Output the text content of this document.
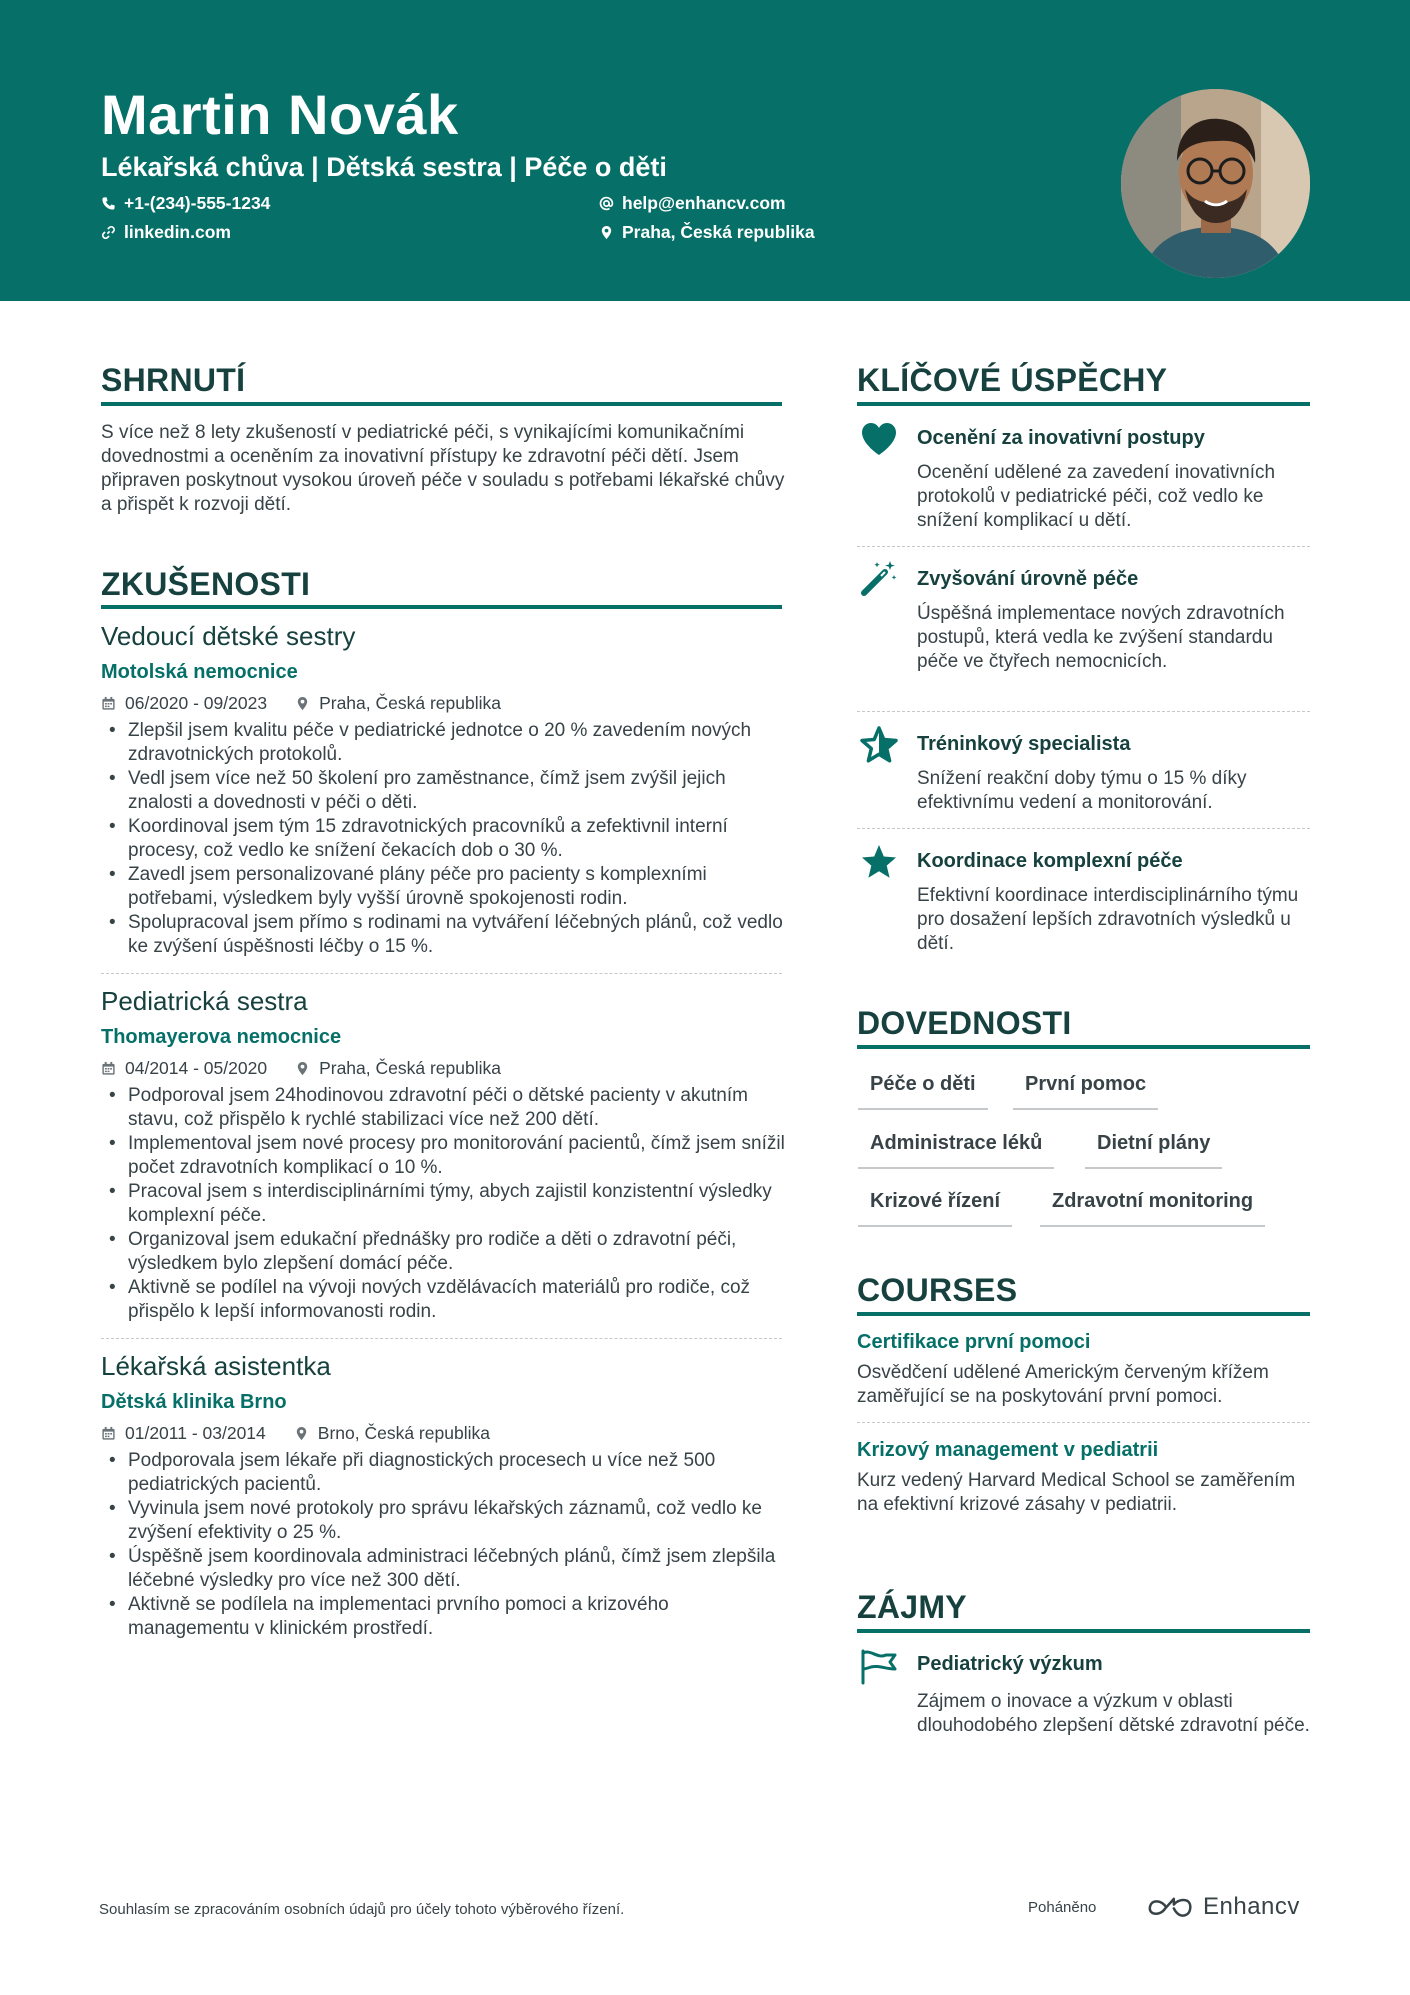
Martin Novák
Lékařská chůva | Dětská sestra | Péče o děti
+1-(234)-555-1234	help@enhancv.com
linkedin.com	Praha, Česká republika
SHRNUTÍ
S více než 8 lety zkušeností v pediatrické péči, s vynikajícími komunikačními dovednostmi a oceněním za inovativní přístupy ke zdravotní péči dětí. Jsem připraven poskytnout vysokou úroveň péče v souladu s potřebami lékařské chůvy a přispět k rozvoji dětí.
ZKUŠENOSTI
Vedoucí dětské sestry
Motolská nemocnice
06/2020 - 09/2023	Praha, Česká republika
• Zlepšil jsem kvalitu péče v pediatrické jednotce o 20 % zavedením nových zdravotnických protokolů.
• Vedl jsem více než 50 školení pro zaměstnance, čímž jsem zvýšil jejich znalosti a dovednosti v péči o děti.
• Koordinoval jsem tým 15 zdravotnických pracovníků a zefektivnil interní procesy, což vedlo ke snížení čekacích dob o 30 %.
• Zavedl jsem personalizované plány péče pro pacienty s komplexními potřebami, výsledkem byly vyšší úrovně spokojenosti rodin.
• Spolupracoval jsem přímo s rodinami na vytváření léčebných plánů, což vedlo ke zvýšení úspěšnosti léčby o 15 %.
Pediatrická sestra
Thomayerova nemocnice
04/2014 - 05/2020	Praha, Česká republika
• Podporoval jsem 24hodinovou zdravotní péči o dětské pacienty v akutním stavu, což přispělo k rychlé stabilizaci více než 200 dětí.
• Implementoval jsem nové procesy pro monitorování pacientů, čímž jsem snížil počet zdravotních komplikací o 10 %.
• Pracoval jsem s interdisciplinárními týmy, abych zajistil konzistentní výsledky komplexní péče.
• Organizoval jsem edukační přednášky pro rodiče a děti o zdravotní péči, výsledkem bylo zlepšení domácí péče.
• Aktivně se podílel na vývoji nových vzdělávacích materiálů pro rodiče, což přispělo k lepší informovanosti rodin.
Lékařská asistentka
Dětská klinika Brno
01/2011 - 03/2014	Brno, Česká republika
• Podporovala jsem lékaře při diagnostických procesech u více než 500 pediatrických pacientů.
• Vyvinula jsem nové protokoly pro správu lékařských záznamů, což vedlo ke zvýšení efektivity o 25 %.
• Úspěšně jsem koordinovala administraci léčebných plánů, čímž jsem zlepšila léčebné výsledky pro více než 300 dětí.
• Aktivně se podílela na implementaci prvního pomoci a krizového managementu v klinickém prostředí.
KLÍČOVÉ ÚSPĚCHY
Ocenění za inovativní postupy
Ocenění udělené za zavedení inovativních protokolů v pediatrické péči, což vedlo ke snížení komplikací u dětí.
Zvyšování úrovně péče
Úspěšná implementace nových zdravotních postupů, která vedla ke zvýšení standardu péče ve čtyřech nemocnicích.
Tréninkový specialista
Snížení reakční doby týmu o 15 % díky efektivnímu vedení a monitorování.
Koordinace komplexní péče
Efektivní koordinace interdisciplinárního týmu pro dosažení lepších zdravotních výsledků u dětí.
DOVEDNOSTI
Péče o děti	První pomoc
Administrace léků	Dietní plány
Krizové řízení	Zdravotní monitoring
COURSES
Certifikace první pomoci
Osvědčení udělené Americkým červeným křížem zaměřující se na poskytování první pomoci.
Krizový management v pediatrii
Kurz vedený Harvard Medical School se zaměřením na efektivní krizové zásahy v pediatrii.
ZÁJMY
Pediatrický výzkum
Zájmem o inovace a výzkum v oblasti dlouhodobého zlepšení dětské zdravotní péče.
Souhlasím se zpracováním osobních údajů pro účely tohoto výběrového řízení.	Poháněno	Enhancv
